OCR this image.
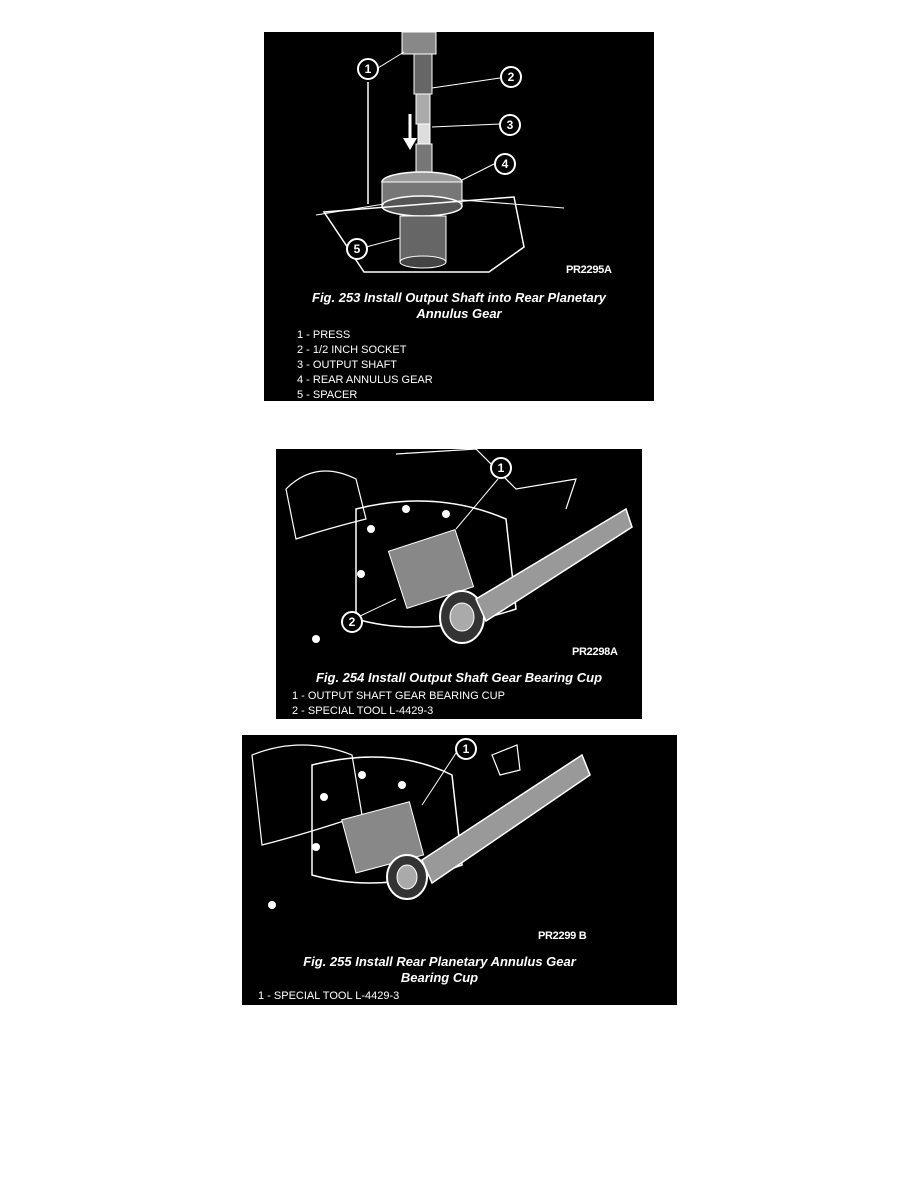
1
2
3
4
5
PR2295A
Fig. 253 Install Output Shaft into Rear Planetary
Annulus Gear
1 - PRESS
2 - 1/2 INCH SOCKET
3 - OUTPUT SHAFT
4 - REAR ANNULUS GEAR
5 - SPACER
1
2
PR2298A
Fig. 254 Install Output Shaft Gear Bearing Cup
1 - OUTPUT SHAFT GEAR BEARING CUP
2 - SPECIAL TOOL L-4429-3
1
PR2299 B
Fig. 255 Install Rear Planetary Annulus Gear
Bearing Cup
1 - SPECIAL TOOL L-4429-3
